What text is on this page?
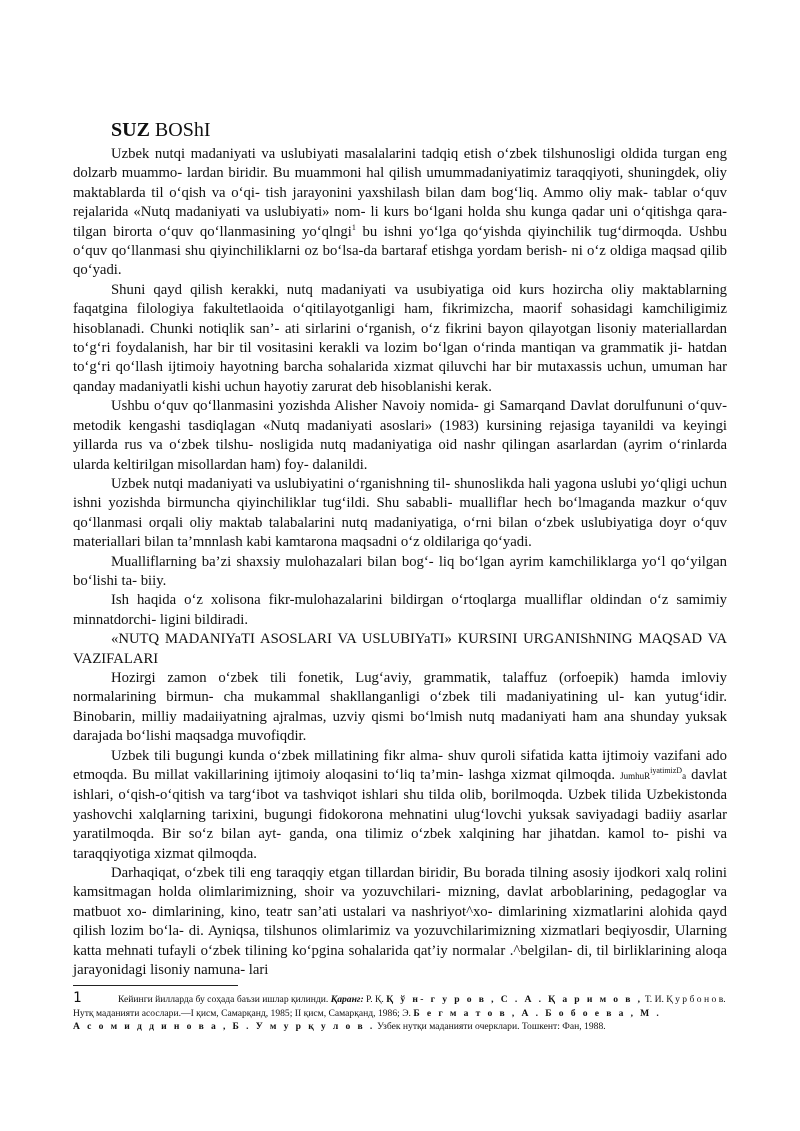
SUZ BOShI

Uzbek nutqi madaniyati va uslubiyati masalalarini tadqiq etish o‘zbek tilshunosligi oldida turgan eng dolzarb muammo- lardan biridir. Bu muammoni hal qilish umummadaniyatimiz taraqqiyoti, shuningdek, oliy maktablarda til o‘qish va o‘qi- tish jarayonini yaxshilash bilan dam bog‘liq. Ammo oliy mak- tablar o‘quv rejalarida «Nutq madaniyati va uslubiyati» nom- li kurs bo‘lgani holda shu kunga qadar uni o‘qitishga qara- tilgan birorta o‘quv qo‘llanmasining yo‘qlngi$^1$ bu ishni yo‘lga qo‘yishda qiyinchilik tug‘dirmoqda. Ushbu o‘quv qo‘llanmasi shu qiyinchiliklarni oz bo‘lsa-da bartaraf etishga yordam berish- ni o‘z oldiga maqsad qilib qo‘yadi.

Shuni qayd qilish kerakki, nutq madaniyati va usubiyatiga oid kurs hozircha oliy maktablarning faqatgina filologiya fakultetlaoida o‘qitilayotganligi ham, fikrimizcha, maorif sohasidagi kamchiligimiz hisoblanadi. Chunki notiqlik san’- ati sirlarini o‘rganish, o‘z fikrini bayon qilayotgan lisoniy materiallardan to‘g‘ri foydalanish, har bir til vositasini kerakli va lozim bo‘lgan o‘rinda mantiqan va grammatik ji- hatdan to‘g‘ri qo‘llash ijtimoiy hayotning barcha sohalarida xizmat qiluvchi har bir mutaxassis uchun, umuman har qanday madaniyatli kishi uchun hayotiy zarurat deb hisoblanishi kerak.

Ushbu o‘quv qo‘llanmasini yozishda Alisher Navoiy nomida- gi Samarqand Davlat dorulfununi o‘quv-metodik kengashi tasdiqlagan «Nutq madaniyati asoslari» (1983) kursining rejasiga tayanildi va keyingi yillarda rus va o‘zbek tilshu- nosligida nutq madaniyatiga oid nashr qilingan asarlardan (ayrim o‘rinlarda ularda keltirilgan misollardan ham) foy- dalanildi.

Uzbek nutqi madaniyati va uslubiyatini o‘rganishning til- shunoslikda hali yagona uslubi yo‘qligi uchun ishni yozishda birmuncha qiyinchiliklar tug‘ildi. Shu sababli- mualliflar hech bo‘lmaganda mazkur o‘quv qo‘llanmasi orqali oliy maktab talabalarini nutq madaniyatiga, o‘rni bilan o‘zbek uslubiyatiga doyr o‘quv materiallari bilan ta’mnnlash kabi kamtarona maqsadni o‘z oldilariga qo‘yadi.

Mualliflarning ba’zi shaxsiy mulohazalari bilan bog‘- liq bo‘lgan ayrim kamchiliklarga yo‘l qo‘yilgan bo‘lishi ta- biiy.

Ish haqida o‘z xolisona fikr-mulohazalarini bildirgan o‘rtoqlarga mualliflar oldindan o‘z samimiy minnatdorchi- ligini bildiradi.

«NUTQ MADANIYaTI ASOSLARI VA USLUBIYaTI» KURSINI URGANIShNING MAQSAD VA VAZIFALARI

Hozirgi zamon o‘zbek tili fonetik, Lug‘aviy, grammatik, talaffuz (orfoepik) hamda imloviy normalarining birmun- cha mukammal shakllanganligi o‘zbek tili madaniyatining ul- kan yutug‘idir. Binobarin, milliy madaiiyatning ajralmas, uzviy qismi bo‘lmish nutq madaniyati ham ana shunday yuksak darajada bo‘lishi maqsadga muvofiqdir.

Uzbek tili bugungi kunda o‘zbek millatining fikr alma- shuv quroli sifatida katta ijtimoiy vazifani ado etmoqda. Bu millat vakillarining ijtimoiy aloqasini to‘liq ta’min- lashga xizmat qilmoqda. JumhuR$^{iyatimizD}$a davlat ishlari, o‘qish-o‘qitish va targ‘ibot va tashviqot ishlari shu tilda olib, borilmoqda. Uzbek tilida Uzbekistonda yashovchi xalqlarning tarixini, bugungi fidokorona mehnatini ulug‘lovchi yuksak saviyadagi badiiy asarlar yaratilmoqda. Bir so‘z bilan ayt- ganda, ona tilimiz o‘zbek xalqining har jihatdan. kamol to- pishi va taraqqiyotiga xizmat qilmoqda.

Darhaqiqat, o‘zbek tili eng taraqqiy etgan tillardan biridir, Bu borada tilning asosiy ijodkori xalq rolini kamsitmagan holda olimlarimizning, shoir va yozuvchilari- mizning, davlat arboblarining, pedagoglar va matbuot xo- dimlarining, kino, teatr san’ati ustalari va nashriyot^xo- dimlarining xizmatlarini alohida qayd qilish lozim bo‘la- di. Ayniqsa, tilshunos olimlarimiz va yozuvchilarimizning xizmatlari beqiyosdir, Ularning katta mehnati tufayli o‘zbek tilining ko‘pgina sohalarida qat’iy normalar .^belgilan- di, til birliklarining aloqa jarayonidagi lisoniy namuna- lari

1	Кейинги йилларда бу соҳада баъзи ишлар қилинди. Қаранг: Р. Қ. Қ ў н- г у р о в , С . А . Қ а р и м о в , Т. И. Қ у р б о н о в.
Нутқ маданияти асослари.—I қисм, Самарқанд, 1985; II қисм, Самарқанд, 1986; Э. Б е г м а т о в , А . Б о б о е в а , М .
А с о м и д д и н о в а , Б . У м у р қ у л о в . Узбек нутқи маданияти очерклари. Тошкент: Фан, 1988.
